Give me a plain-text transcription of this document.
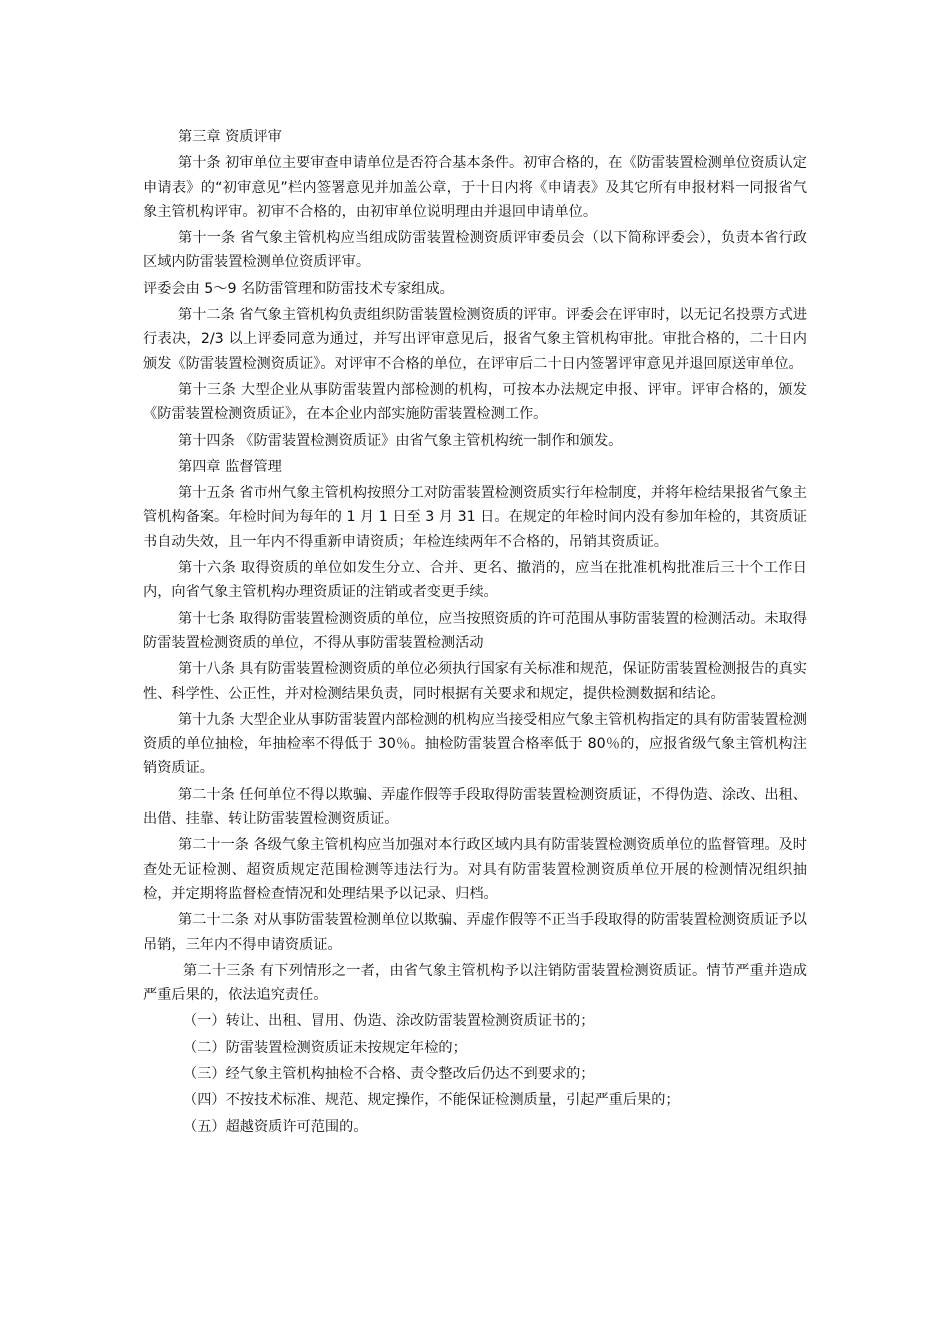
第三章 资质评审

第十条 初审单位主要审查申请单位是否符合基本条件。初审合格的，在《防雷装置检测单位资质认定申请表》的“初审意见”栏内签署意见并加盖公章，于十日内将《申请表》及其它所有申报材料一同报省气象主管机构评审。初审不合格的，由初审单位说明理由并退回申请单位。

第十一条 省气象主管机构应当组成防雷装置检测资质评审委员会（以下简称评委会），负责本省行政区域内防雷装置检测单位资质评审。

评委会由 5～9 名防雷管理和防雷技术专家组成。

第十二条 省气象主管机构负责组织防雷装置检测资质的评审。评委会在评审时，以无记名投票方式进行表决，2/3 以上评委同意为通过，并写出评审意见后，报省气象主管机构审批。审批合格的，二十日内颁发《防雷装置检测资质证》。对评审不合格的单位，在评审后二十日内签署评审意见并退回原送审单位。

第十三条 大型企业从事防雷装置内部检测的机构，可按本办法规定申报、评审。评审合格的，颁发《防雷装置检测资质证》，在本企业内部实施防雷装置检测工作。

第十四条 《防雷装置检测资质证》由省气象主管机构统一制作和颁发。

第四章 监督管理

第十五条 省市州气象主管机构按照分工对防雷装置检测资质实行年检制度，并将年检结果报省气象主管机构备案。年检时间为每年的 1 月 1 日至 3 月 31 日。在规定的年检时间内没有参加年检的，其资质证书自动失效，且一年内不得重新申请资质；年检连续两年不合格的，吊销其资质证。

第十六条 取得资质的单位如发生分立、合并、更名、撤消的，应当在批准机构批准后三十个工作日内，向省气象主管机构办理资质证的注销或者变更手续。

第十七条 取得防雷装置检测资质的单位，应当按照资质的许可范围从事防雷装置的检测活动。未取得防雷装置检测资质的单位，不得从事防雷装置检测活动

第十八条 具有防雷装置检测资质的单位必须执行国家有关标准和规范，保证防雷装置检测报告的真实性、科学性、公正性，并对检测结果负责，同时根据有关要求和规定，提供检测数据和结论。

第十九条 大型企业从事防雷装置内部检测的机构应当接受相应气象主管机构指定的具有防雷装置检测资质的单位抽检，年抽检率不得低于 30％。抽检防雷装置合格率低于 80％的，应报省级气象主管机构注销资质证。

第二十条 任何单位不得以欺骗、弄虚作假等手段取得防雷装置检测资质证，不得伪造、涂改、出租、出借、挂靠、转让防雷装置检测资质证。

第二十一条 各级气象主管机构应当加强对本行政区域内具有防雷装置检测资质单位的监督管理。及时查处无证检测、超资质规定范围检测等违法行为。对具有防雷装置检测资质单位开展的检测情况组织抽检，并定期将监督检查情况和处理结果予以记录、归档。

第二十二条 对从事防雷装置检测单位以欺骗、弄虚作假等不正当手段取得的防雷装置检测资质证予以吊销，三年内不得申请资质证。

第二十三条 有下列情形之一者，由省气象主管机构予以注销防雷装置检测资质证。情节严重并造成严重后果的，依法追究责任。

（一）转让、出租、冒用、伪造、涂改防雷装置检测资质证书的；

（二）防雷装置检测资质证未按规定年检的；

（三）经气象主管机构抽检不合格、责令整改后仍达不到要求的；

（四）不按技术标准、规范、规定操作，不能保证检测质量，引起严重后果的；

（五）超越资质许可范围的。
